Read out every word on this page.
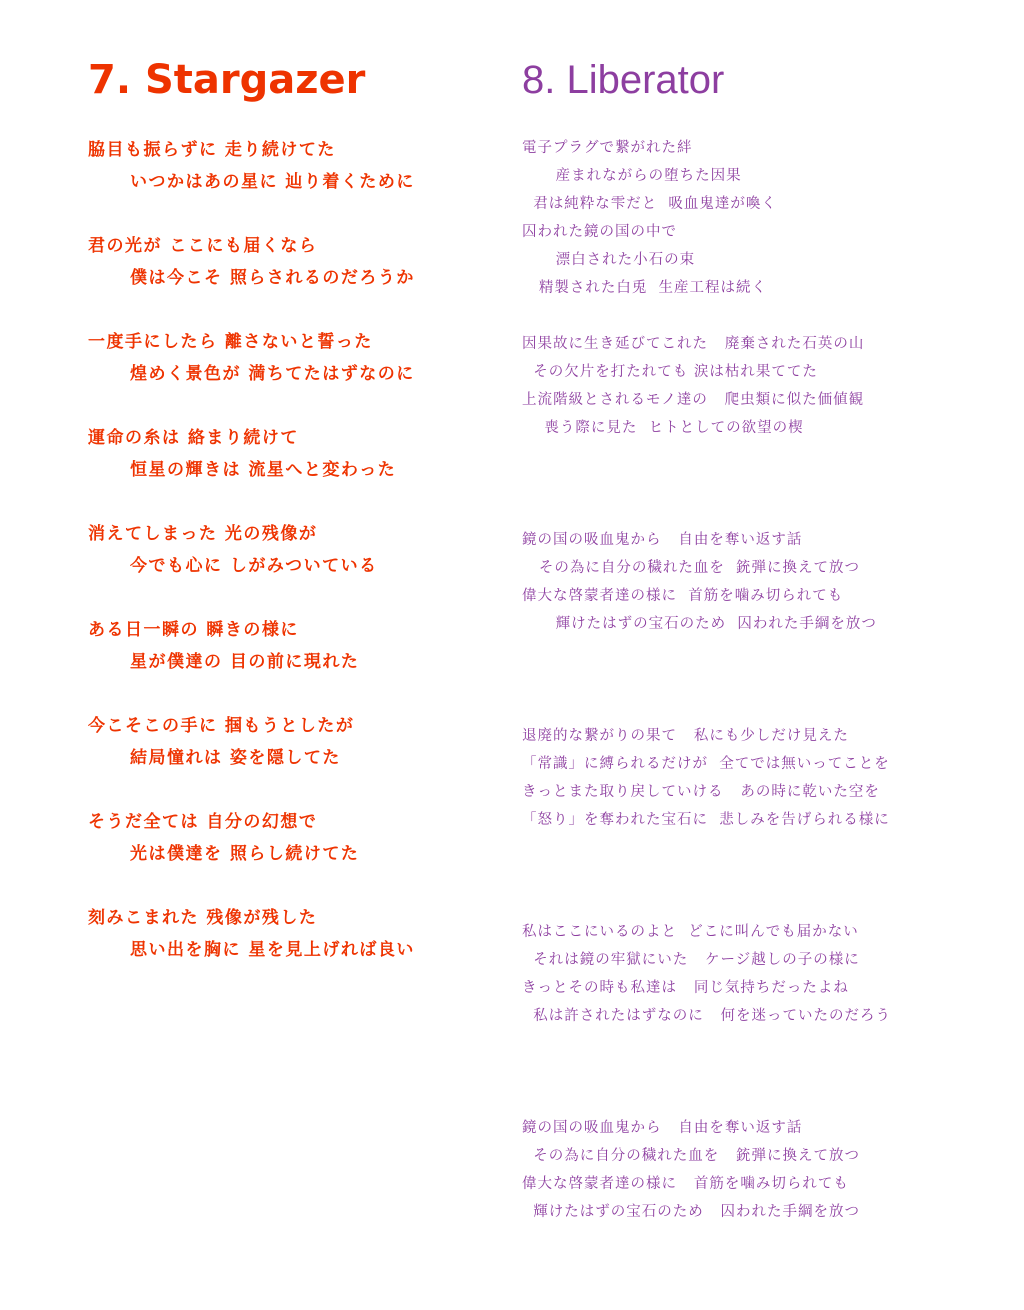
7. Stargazer
脇目も振らずに 走り続けてた
いつかはあの星に 辿り着くために
君の光が ここにも届くなら
僕は今こそ 照らされるのだろうか
一度手にしたら 離さないと誓った
煌めく景色が 満ちてたはずなのに
運命の糸は 絡まり続けて
恒星の輝きは 流星へと変わった
消えてしまった 光の残像が
今でも心に しがみついている
ある日一瞬の 瞬きの様に
星が僕達の 目の前に現れた
今こそこの手に 掴もうとしたが
結局憧れは 姿を隠してた
そうだ全ては 自分の幻想で
光は僕達を 照らし続けてた
刻みこまれた 残像が残した
思い出を胸に 星を見上げれば良い
8. Liberator
電子プラグで繋がれた絆
産まれながらの堕ちた因果
君は純粋な雫だと  吸血鬼達が喚く
囚われた鏡の国の中で
漂白された小石の束
精製された白兎  生産工程は続く
因果故に生き延びてこれた   廃棄された石英の山
その欠片を打たれても 涙は枯れ果ててた
上流階級とされるモノ達の   爬虫類に似た価値観
喪う際に見た  ヒトとしての欲望の楔
鏡の国の吸血鬼から   自由を奪い返す話
その為に自分の穢れた血を  銃弾に換えて放つ
偉大な啓蒙者達の様に  首筋を噛み切られても
輝けたはずの宝石のため  囚われた手綱を放つ
退廃的な繋がりの果て   私にも少しだけ見えた
「常識」に縛られるだけが  全てでは無いってことを
きっとまた取り戻していける   あの時に乾いた空を
「怒り」を奪われた宝石に  悲しみを告げられる様に
私はここにいるのよと  どこに叫んでも届かない
それは鏡の牢獄にいた   ケージ越しの子の様に
きっとその時も私達は   同じ気持ちだったよね
私は許されたはずなのに   何を迷っていたのだろう
鏡の国の吸血鬼から   自由を奪い返す話
その為に自分の穢れた血を   銃弾に換えて放つ
偉大な啓蒙者達の様に   首筋を噛み切られても
輝けたはずの宝石のため   囚われた手綱を放つ
